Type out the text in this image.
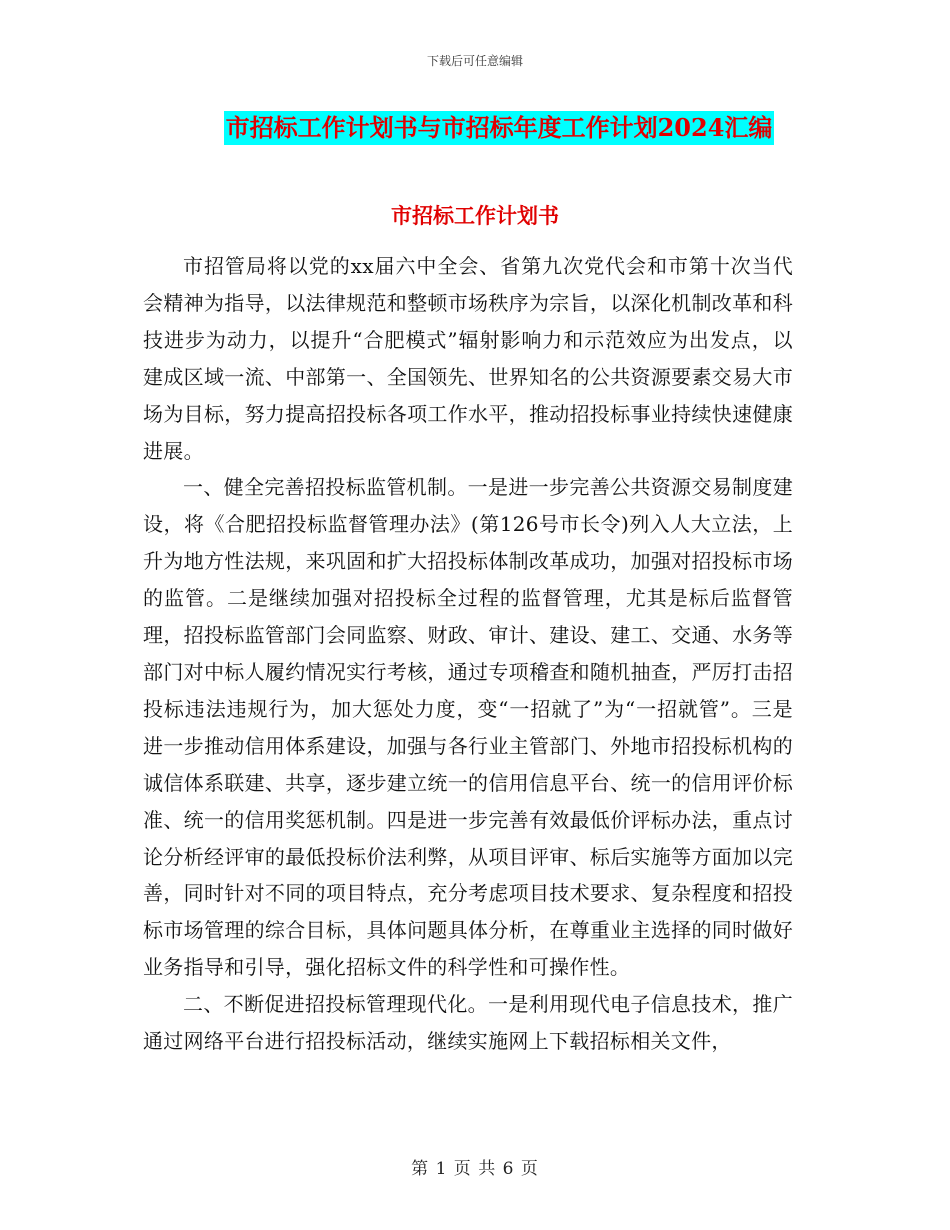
下载后可任意编辑
市招标工作计划书与市招标年度工作计划2024汇编
市招标工作计划书

市招管局将以党的xx届六中全会、省第九次党代会和市第十次当代会精神为指导，以法律规范和整顿市场秩序为宗旨，以深化机制改革和科技进步为动力，以提升“合肥模式”辐射影响力和示范效应为出发点，以建成区域一流、中部第一、全国领先、世界知名的公共资源要素交易大市场为目标，努力提高招投标各项工作水平，推动招投标事业持续快速健康进展。

一、健全完善招投标监管机制。一是进一步完善公共资源交易制度建设，将《合肥招投标监督管理办法》(第126号市长令)列入人大立法，上升为地方性法规，来巩固和扩大招投标体制改革成功，加强对招投标市场的监管。二是继续加强对招投标全过程的监督管理，尤其是标后监督管理，招投标监管部门会同监察、财政、审计、建设、建工、交通、水务等部门对中标人履约情况实行考核，通过专项稽查和随机抽查，严厉打击招投标违法违规行为，加大惩处力度，变“一招就了”为“一招就管”。三是进一步推动信用体系建设，加强与各行业主管部门、外地市招投标机构的诚信体系联建、共享，逐步建立统一的信用信息平台、统一的信用评价标准、统一的信用奖惩机制。四是进一步完善有效最低价评标办法，重点讨论分析经评审的最低投标价法利弊，从项目评审、标后实施等方面加以完善，同时针对不同的项目特点，充分考虑项目技术要求、复杂程度和招投标市场管理的综合目标，具体问题具体分析，在尊重业主选择的同时做好业务指导和引导，强化招标文件的科学性和可操作性。

二、不断促进招投标管理现代化。一是利用现代电子信息技术，推广通过网络平台进行招投标活动，继续实施网上下载招标相关文件，

第 1 页 共 6 页
